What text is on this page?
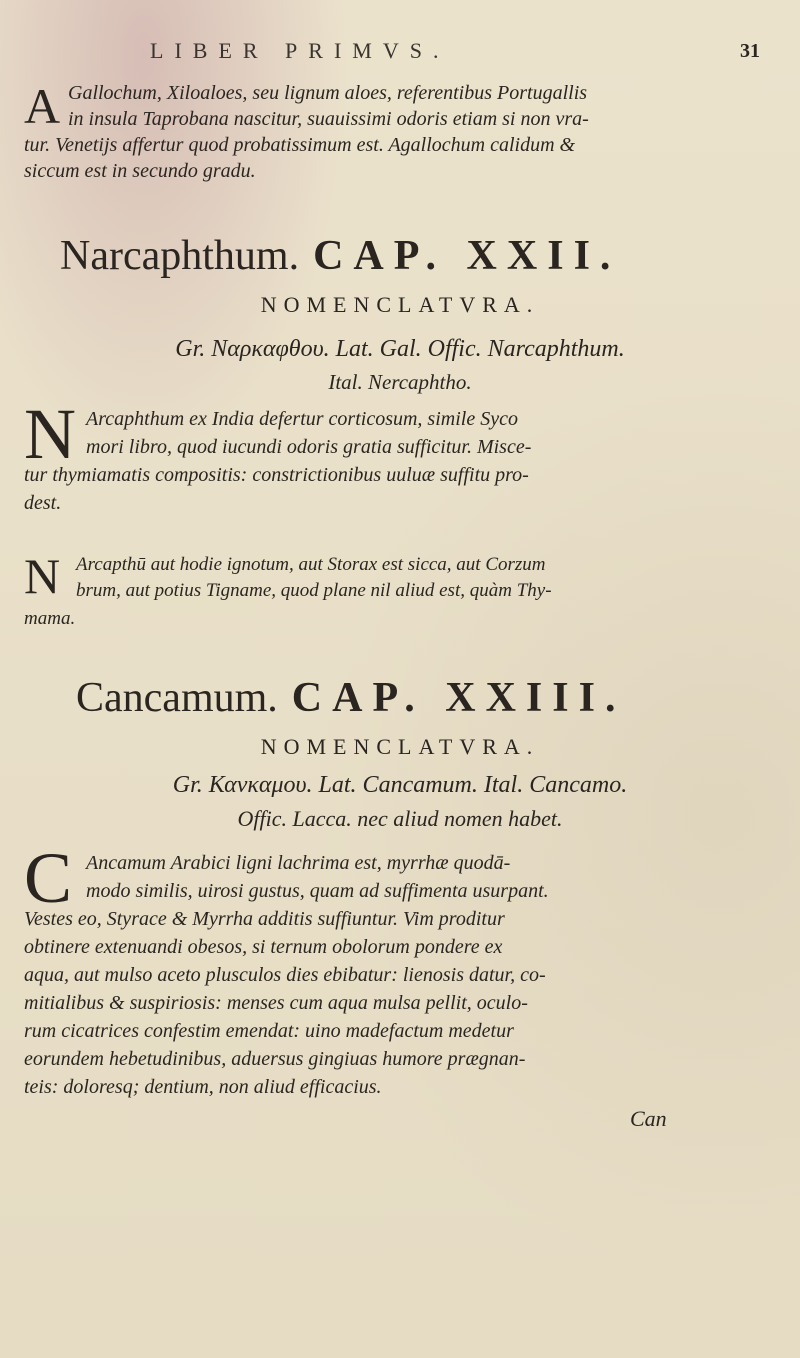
LIBER PRIMVS.	31
A Gallochum, Xiloaloes, seu lignum aloes, referentibus Portugallis

in insula Taprobana nascitur, suauissimi odoris etiam si non vra-

tur. Venetijs affertur quod probatissimum est. Agallochum calidum &

siccum est in secundo gradu.

Narcaphthum. CAP. XXII.
NOMENCLATVRA.
Gr. Ναρκαφθου. Lat. Gal. Offic. Narcaphthum.
Ital. Nercaphtho.
N Arcaphthum ex India defertur corticosum, simile Syco

mori libro, quod iucundi odoris gratia sufficitur. Misce-

tur thymiamatis compositis: constrictionibus uuluæ suffitu pro-

dest.

N Arcapthū aut hodie ignotum, aut Storax est sicca, aut Corzum

brum, aut potius Tigname, quod plane nil aliud est, quàm Thy-

mama.

Cancamum. CAP. XXIII.
NOMENCLATVRA.
Gr. Κανκαμου. Lat. Cancamum. Ital. Cancamo.
Offic. Lacca. nec aliud nomen habet.
C Ancamum Arabici ligni lachrima est, myrrhæ quodā-

modo similis, uirosi gustus, quam ad suffimenta usurpant.

Vestes eo, Styrace & Myrrha additis suffiuntur. Vim proditur

obtinere extenuandi obesos, si ternum obolorum pondere ex

aqua, aut mulso aceto plusculos dies ebibatur: lienosis datur, co-

mitialibus & suspiriosis: menses cum aqua mulsa pellit, oculo-

rum cicatrices confestim emendat: uino madefactum medetur

eorundem hebetudinibus, aduersus gingiuas humore prægnan-

teis: doloresq; dentium, non aliud efficacius.

Can
